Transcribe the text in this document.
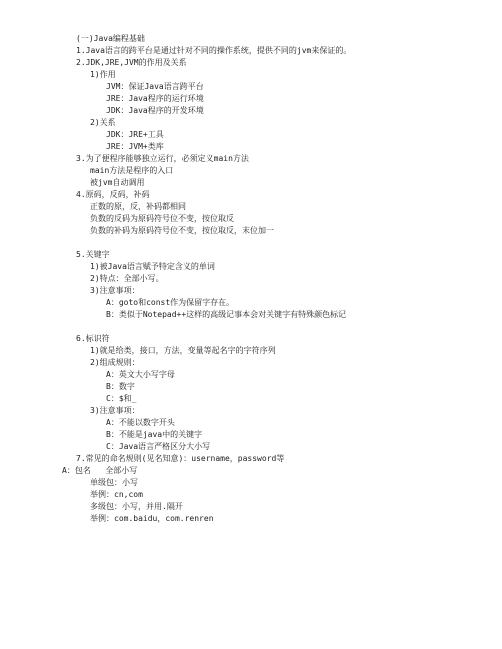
(一)Java编程基础
1.Java语言的跨平台是通过针对不同的操作系统，提供不同的jvm来保证的。
2.JDK,JRE,JVM的作用及关系
1)作用
JVM：保证Java语言跨平台
JRE：Java程序的运行环境
JDK：Java程序的开发环境
2)关系
JDK：JRE+工具
JRE：JVM+类库
3.为了便程序能够独立运行，必须定义main方法
main方法是程序的入口
被jvm自动调用
4.原码，反码，补码
正数的原，反，补码都相同
负数的反码为原码符号位不变，按位取反
负数的补码为原码符号位不变，按位取反，末位加一
5.关键字
1)被Java语言赋予特定含义的单词
2)特点：全部小写。
3)注意事项：
A：goto和const作为保留字存在。
B：类似于Notepad++这样的高级记事本会对关键字有特殊颜色标记
6.标识符
1)就是给类，接口，方法，变量等起名字的字符序列
2)组成规则：
A：英文大小写字母
B：数字
C：$和_
3)注意事项：
A：不能以数字开头
B：不能是java中的关键字
C：Java语言严格区分大小写
7.常见的命名规则(见名知意)：username，password等
A：包名   全部小写
单级包：小写
举例：cn,com
多级包：小写，并用.隔开
举例：com.baidu，com.renren
